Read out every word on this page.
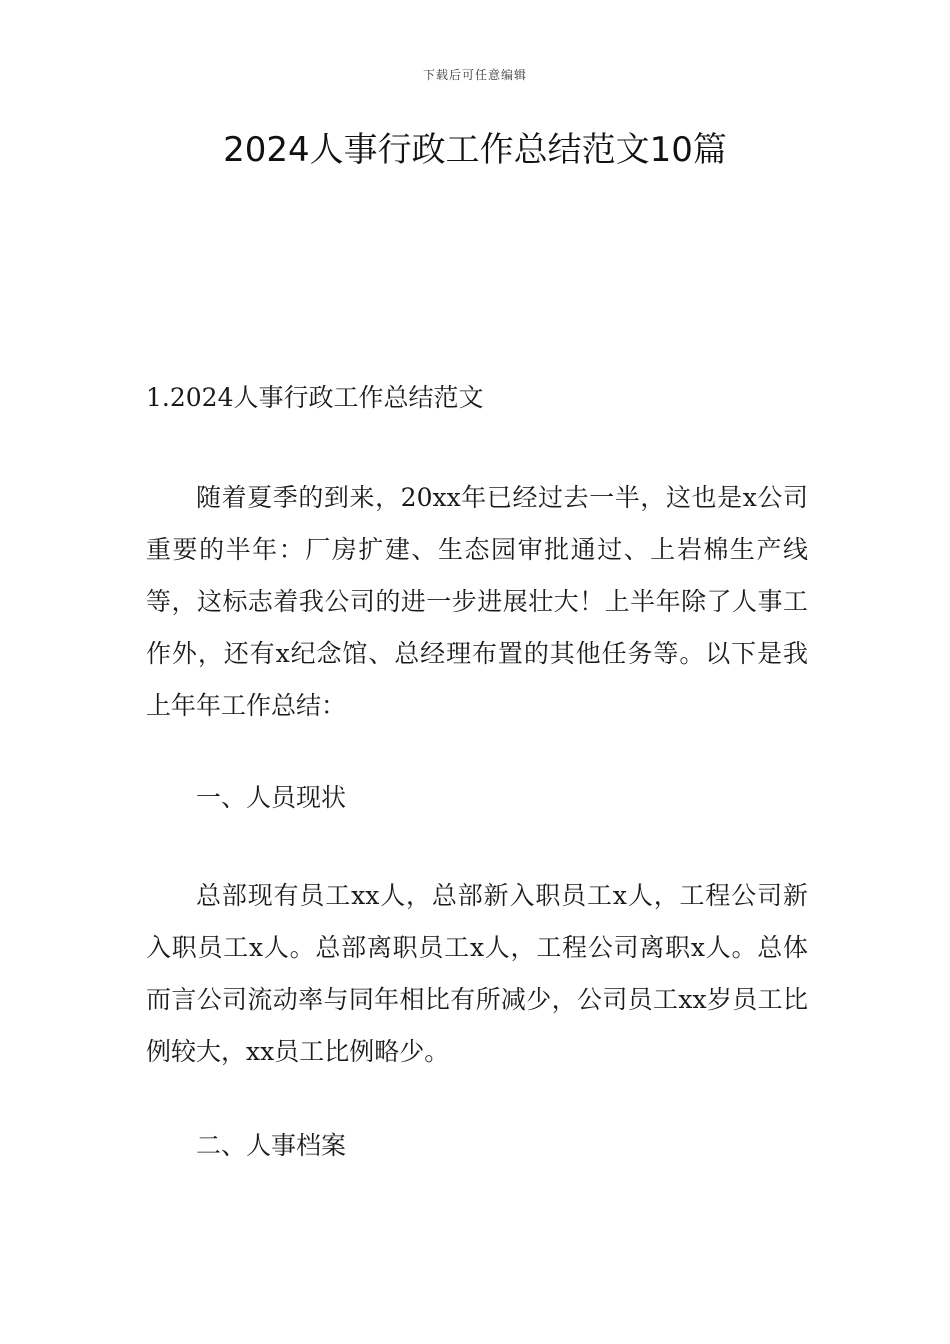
下载后可任意编辑
2024人事行政工作总结范文10篇
1.2024人事行政工作总结范文

随着夏季的到来，20xx年已经过去一半，这也是x公司重要的半年：厂房扩建、生态园审批通过、上岩棉生产线等，这标志着我公司的进一步进展壮大！上半年除了人事工作外，还有x纪念馆、总经理布置的其他任务等。以下是我上年年工作总结：

一、人员现状

总部现有员工xx人，总部新入职员工x人，工程公司新入职员工x人。总部离职员工x人，工程公司离职x人。总体而言公司流动率与同年相比有所减少，公司员工xx岁员工比例较大，xx员工比例略少。

二、人事档案
